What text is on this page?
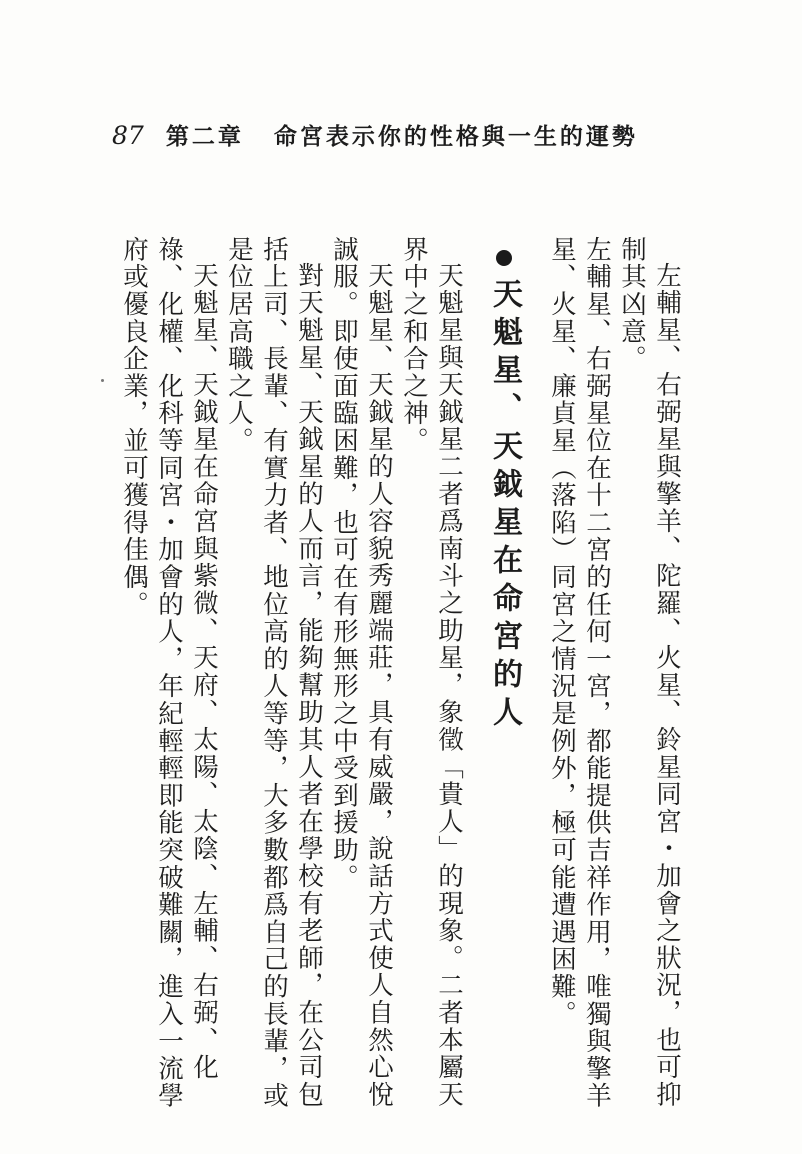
87 第二章 命宮表示你的性格與一生的運勢

左輔星、右弼星與擎羊、陀羅、火星、鈴星同宮・加會之狀況，也可抑制其凶意。

左輔星、右弼星位在十二宮的任何一宮，都能提供吉祥作用，唯獨與擎羊星、火星、廉貞星（落陷）同宮之情況是例外，極可能遭遇困難。

天魁星、天鉞星在命宮的人

天魁星與天鉞星二者爲南斗之助星，象徵「貴人」的現象。二者本屬天界中之和合之神。

天魁星、天鉞星的人容貌秀麗端莊，具有威嚴，說話方式使人自然心悅誠服。即使面臨困難，也可在有形無形之中受到援助。

對天魁星、天鉞星的人而言，能夠幫助其人者在學校有老師，在公司包括上司、長輩、有實力者、地位高的人等等，大多數都爲自己的長輩，或是位居高職之人。

天魁星、天鉞星在命宮與紫微、天府、太陽、太陰、左輔、右弼、化祿、化權、化科等同宮・加會的人，年紀輕輕即能突破難關，進入一流學府或優良企業，並可獲得佳偶。
